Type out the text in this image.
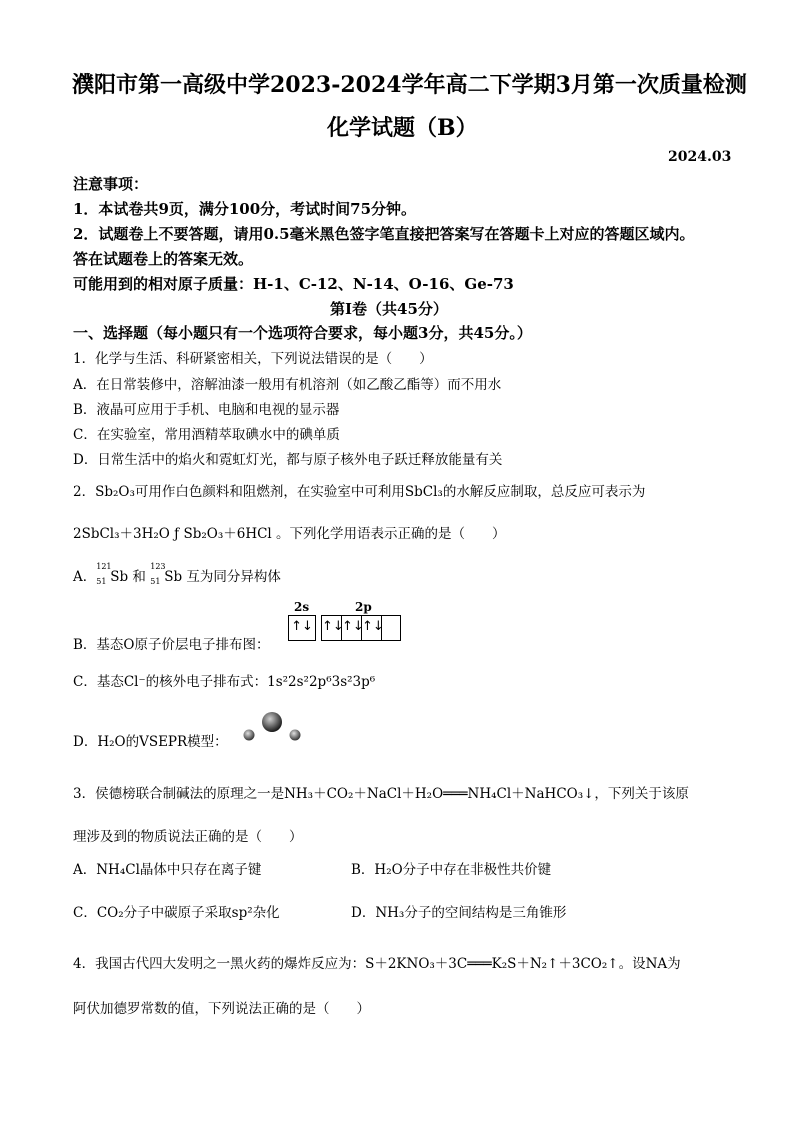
濮阳市第一高级中学2023-2024学年高二下学期3月第一次质量检测
化学试题（B）
2024.03
注意事项：
1．本试卷共9页，满分100分，考试时间75分钟。
2．试题卷上不要答题，请用0.5毫米黑色签字笔直接把答案写在答题卡上对应的答题区域内。
答在试题卷上的答案无效。
可能用到的相对原子质量：H-1、C-12、N-14、O-16、Ge-73
第Ⅰ卷（共45分）
一、选择题（每小题只有一个选项符合要求，每小题3分，共45分。）
1．化学与生活、科研紧密相关，下列说法错误的是（　　）
A．在日常装修中，溶解油漆一般用有机溶剂（如乙酸乙酯等）而不用水
B．液晶可应用于手机、电脑和电视的显示器
C．在实验室，常用酒精萃取碘水中的碘单质
D．日常生活中的焰火和霓虹灯光，都与原子核外电子跃迁释放能量有关
2．Sb₂O₃可用作白色颜料和阻燃剂，在实验室中可利用SbCl₃的水解反应制取，总反应可表示为
2SbCl₃＋3H₂O ƒ Sb₂O₃＋6HCl 。下列化学用语表示正确的是（　　）
A．
121
51 Sb 和
123
51 Sb 互为同分异构体
B．基态O原子价层电子排布图：
2s	2p
↑↓ ↑↓
↑↓
↑↓
C．基态Cl⁻的核外电子排布式：1s²2s²2p⁶3s²3p⁶
D．H₂O的VSEPR模型：
3．侯德榜联合制碱法的原理之一是NH₃＋CO₂＋NaCl＋H₂O═══NH₄Cl＋NaHCO₃↓，下列关于该原
理涉及到的物质说法正确的是（　　）
A．NH₄Cl晶体中只存在离子键	B．H₂O分子中存在非极性共价键
C．CO₂分子中碳原子采取sp²杂化	D．NH₃分子的空间结构是三角锥形
4．我国古代四大发明之一黑火药的爆炸反应为：S＋2KNO₃＋3C═══K₂S＋N₂↑＋3CO₂↑。设NA为
阿伏加德罗常数的值，下列说法正确的是（　　）
